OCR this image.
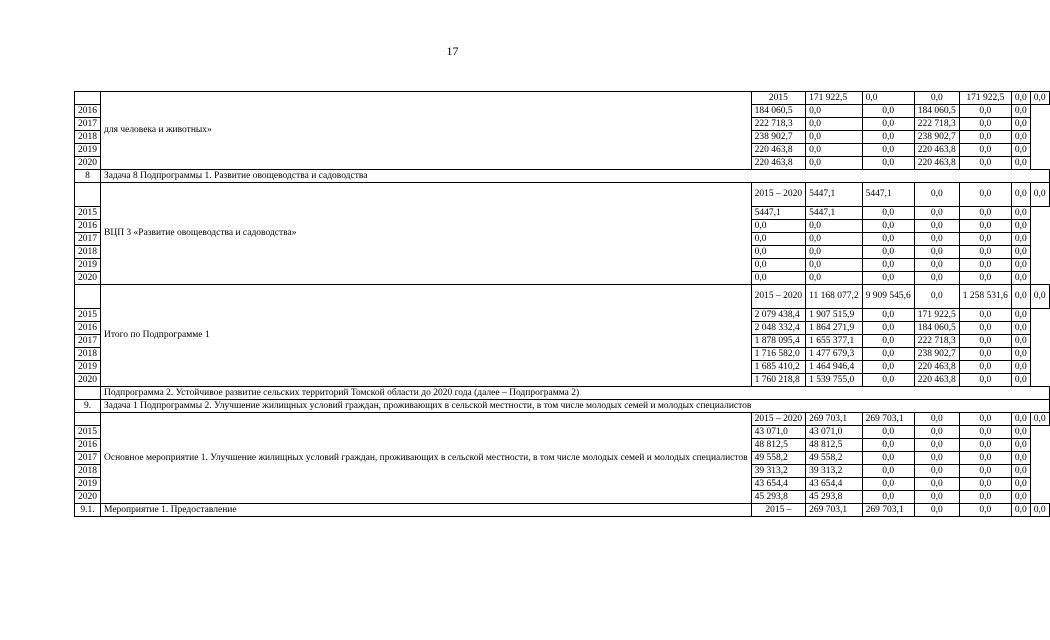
17
	для человека и животных»	2015	171 922,5	0,0	0,0	171 922,5	0,0	0,0
2016		184 060,5	0,0	0,0	184 060,5	0,0	0,0	
2017		222 718,3	0,0	0,0	222 718,3	0,0	0,0	
2018		238 902,7	0,0	0,0	238 902,7	0,0	0,0	
2019		220 463,8	0,0	0,0	220 463,8	0,0	0,0	
2020		220 463,8	0,0	0,0	220 463,8	0,0	0,0	
8	Задача 8 Подпрограммы 1. Развитие овощеводства и садоводства							
	ВЦП 3 «Развитие овощеводства и садоводства»	2015 – 2020	5447,1	5447,1	0,0	0,0	0,0	0,0
2015		5447,1	5447,1	0,0	0,0	0,0	0,0	
2016		0,0	0,0	0,0	0,0	0,0	0,0	
2017		0,0	0,0	0,0	0,0	0,0	0,0	
2018		0,0	0,0	0,0	0,0	0,0	0,0	
2019		0,0	0,0	0,0	0,0	0,0	0,0	
2020		0,0	0,0	0,0	0,0	0,0	0,0	
	Итого по Подпрограмме 1	2015 – 2020	11 168 077,2	9 909 545,6	0,0	1 258 531,6	0,0	0,0
2015		2 079 438,4	1 907 515,9	0,0	171 922,5	0,0	0,0	
2016		2 048 332,4	1 864 271,9	0,0	184 060,5	0,0	0,0	
2017		1 878 095,4	1 655 377,1	0,0	222 718,3	0,0	0,0	
2018		1 716 582,0	1 477 679,3	0,0	238 902,7	0,0	0,0	
2019		1 685 410,2	1 464 946,4	0,0	220 463,8	0,0	0,0	
2020		1 760 218,8	1 539 755,0	0,0	220 463,8	0,0	0,0	
	Подпрограмма 2. Устойчивое развитие сельских территорий Томской области до 2020 года (далее – Подпрограмма 2)							
9.	Задача 1 Подпрограммы 2. Улучшение жилищных условий граждан, проживающих в сельской местности, в том числе молодых семей и молодых специалистов							
	Основное мероприятие 1. Улучшение жилищных условий граждан, проживающих в сельской местности, в том числе молодых семей и молодых специалистов	2015 – 2020	269 703,1	269 703,1	0,0	0,0	0,0	0,0
2015		43 071,0	43 071,0	0,0	0,0	0,0	0,0	
2016		48 812,5	48 812,5	0,0	0,0	0,0	0,0	
2017		49 558,2	49 558,2	0,0	0,0	0,0	0,0	
2018		39 313,2	39 313,2	0,0	0,0	0,0	0,0	
2019		43 654,4	43 654,4	0,0	0,0	0,0	0,0	
2020		45 293,8	45 293,8	0,0	0,0	0,0	0,0	
9.1.	Мероприятие 1. Предоставление	2015 –	269 703,1	269 703,1	0,0	0,0	0,0	0,0
